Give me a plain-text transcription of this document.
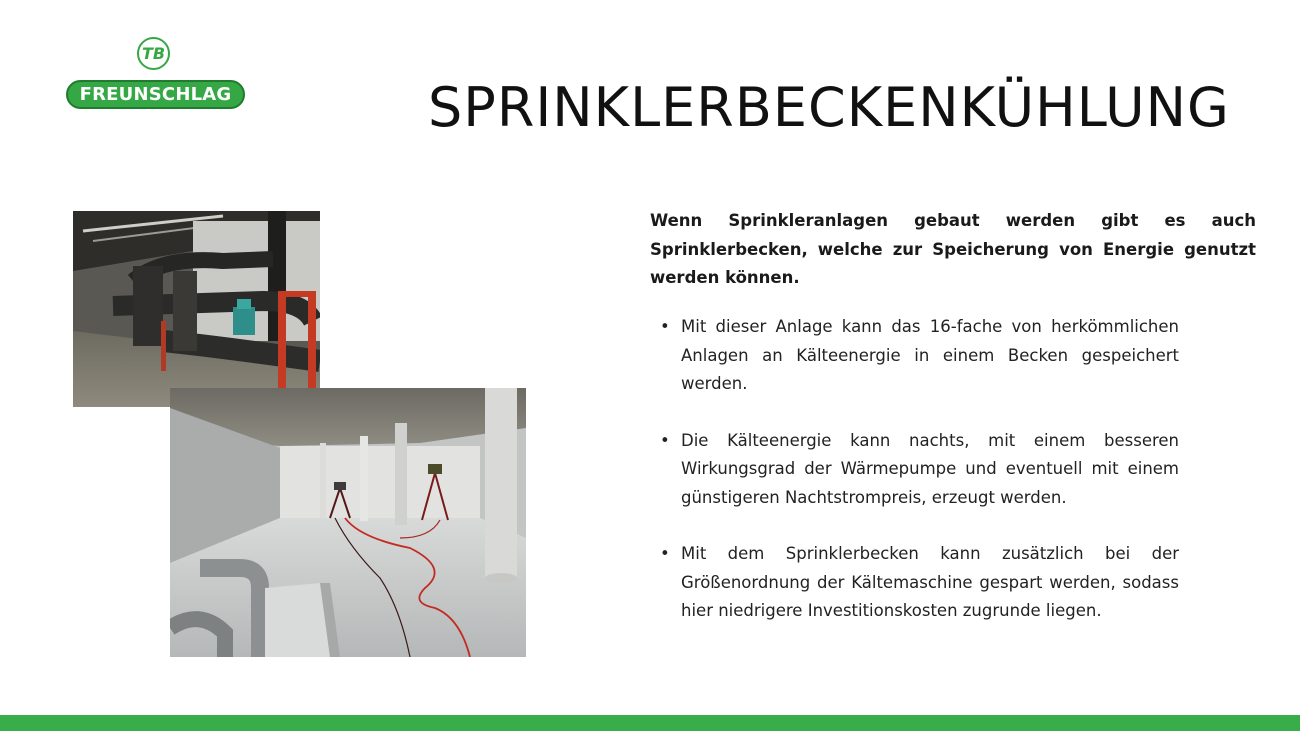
TB
FREUNSCHLAG	SPRINKLERBECKENKÜHLUNG
Wenn Sprinkleranlagen gebaut werden gibt es auch Sprinklerbecken, welche zur Speicherung von Energie genutzt werden können.
• Mit dieser Anlage kann das 16-fache von herkömmlichen Anlagen an Kälteenergie in einem Becken gespeichert werden.
• Die Kälteenergie kann nachts, mit einem besseren Wirkungsgrad der Wärmepumpe und eventuell mit einem günstigeren Nachtstrompreis, erzeugt werden.
• Mit dem Sprinklerbecken kann zusätzlich bei der Größenordnung der Kältemaschine gespart werden, sodass hier niedrigere Investitionskosten zugrunde liegen.
